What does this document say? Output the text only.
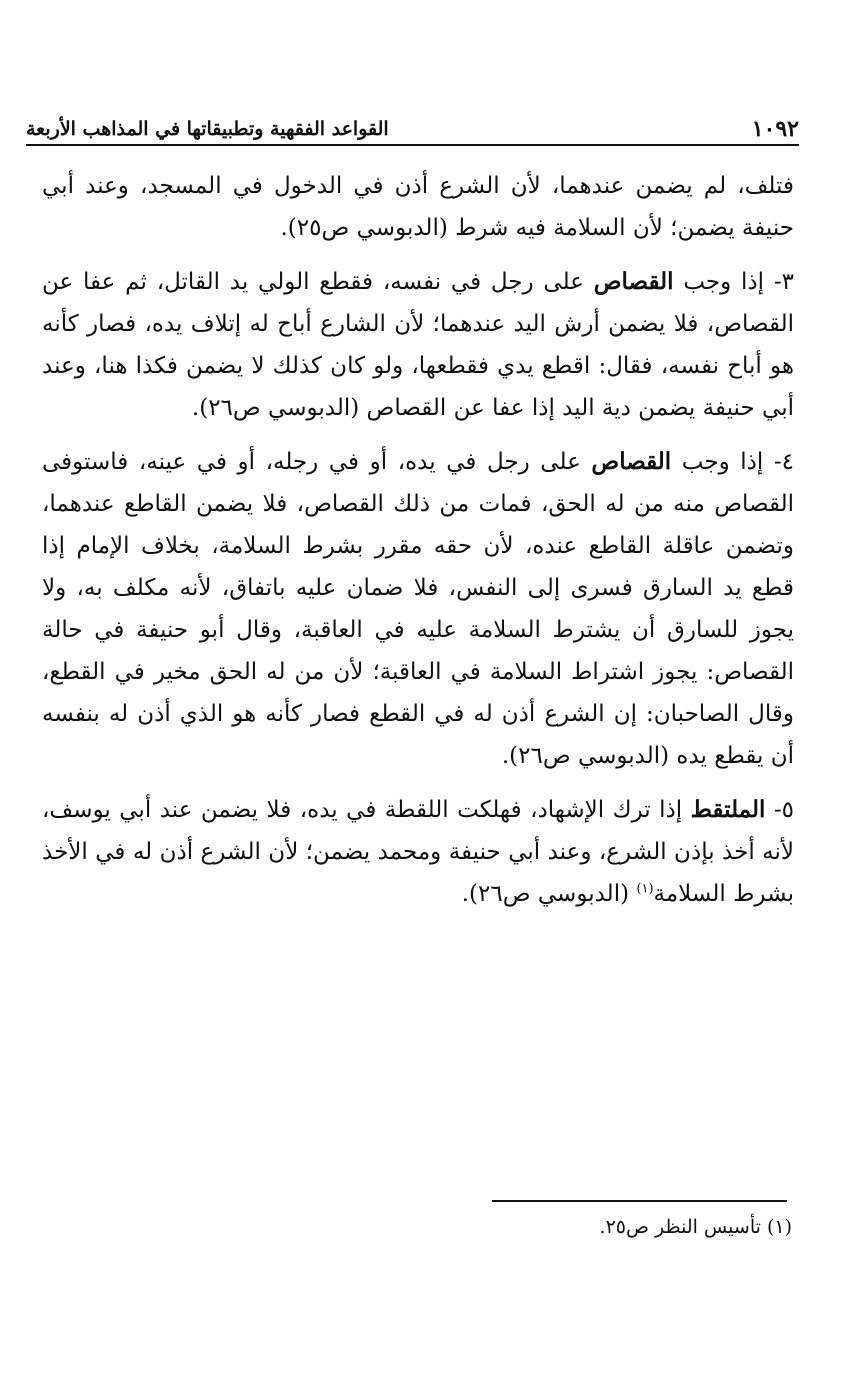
١٠٩٢
القواعد الفقهية وتطبيقاتها في المذاهب الأربعة

فتلف، لم يضمن عندهما، لأن الشرع أذن في الدخول في المسجد، وعند أبي حنيفة يضمن؛ لأن السلامة فيه شرط (الدبوسي ص٢٥).

٣- إذا وجب القصاص على رجل في نفسه، فقطع الولي يد القاتل، ثم عفا عن القصاص، فلا يضمن أرش اليد عندهما؛ لأن الشارع أباح له إتلاف يده، فصار كأنه هو أباح نفسه، فقال: اقطع يدي فقطعها، ولو كان كذلك لا يضمن فكذا هنا، وعند أبي حنيفة يضمن دية اليد إذا عفا عن القصاص (الدبوسي ص٢٦).

٤- إذا وجب القصاص على رجل في يده، أو في رجله، أو في عينه، فاستوفى القصاص منه من له الحق، فمات من ذلك القصاص، فلا يضمن القاطع عندهما، وتضمن عاقلة القاطع عنده، لأن حقه مقرر بشرط السلامة، بخلاف الإمام إذا قطع يد السارق فسرى إلى النفس، فلا ضمان عليه باتفاق، لأنه مكلف به، ولا يجوز للسارق أن يشترط السلامة عليه في العاقبة، وقال أبو حنيفة في حالة القصاص: يجوز اشتراط السلامة في العاقبة؛ لأن من له الحق مخير في القطع، وقال الصاحبان: إن الشرع أذن له في القطع فصار كأنه هو الذي أذن له بنفسه أن يقطع يده (الدبوسي ص٢٦).

٥- الملتقط إذا ترك الإشهاد، فهلكت اللقطة في يده، فلا يضمن عند أبي يوسف، لأنه أخذ بإذن الشرع، وعند أبي حنيفة ومحمد يضمن؛ لأن الشرع أذن له في الأخذ بشرط السلامة$^{(١)}$ (الدبوسي ص٢٦).

(١) تأسيس النظر ص٢٥.
